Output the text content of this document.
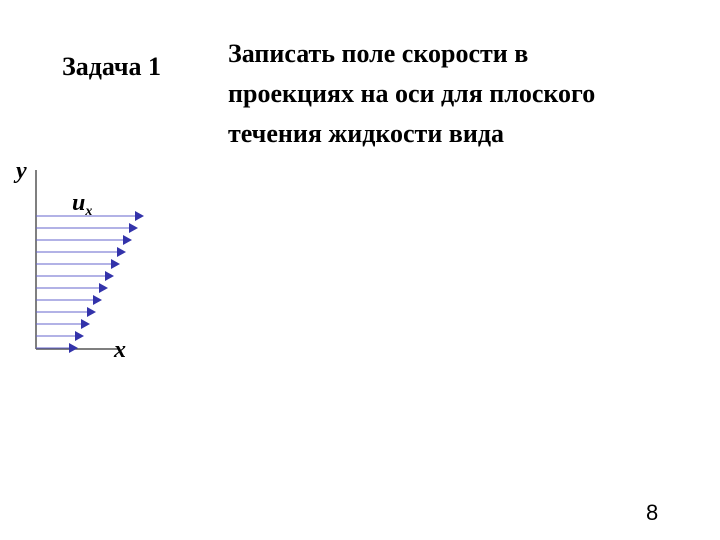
Задача 1	Записать поле скорости в
проекциях на оси для плоского
течения жидкости вида
y
x
$u_x$
8
